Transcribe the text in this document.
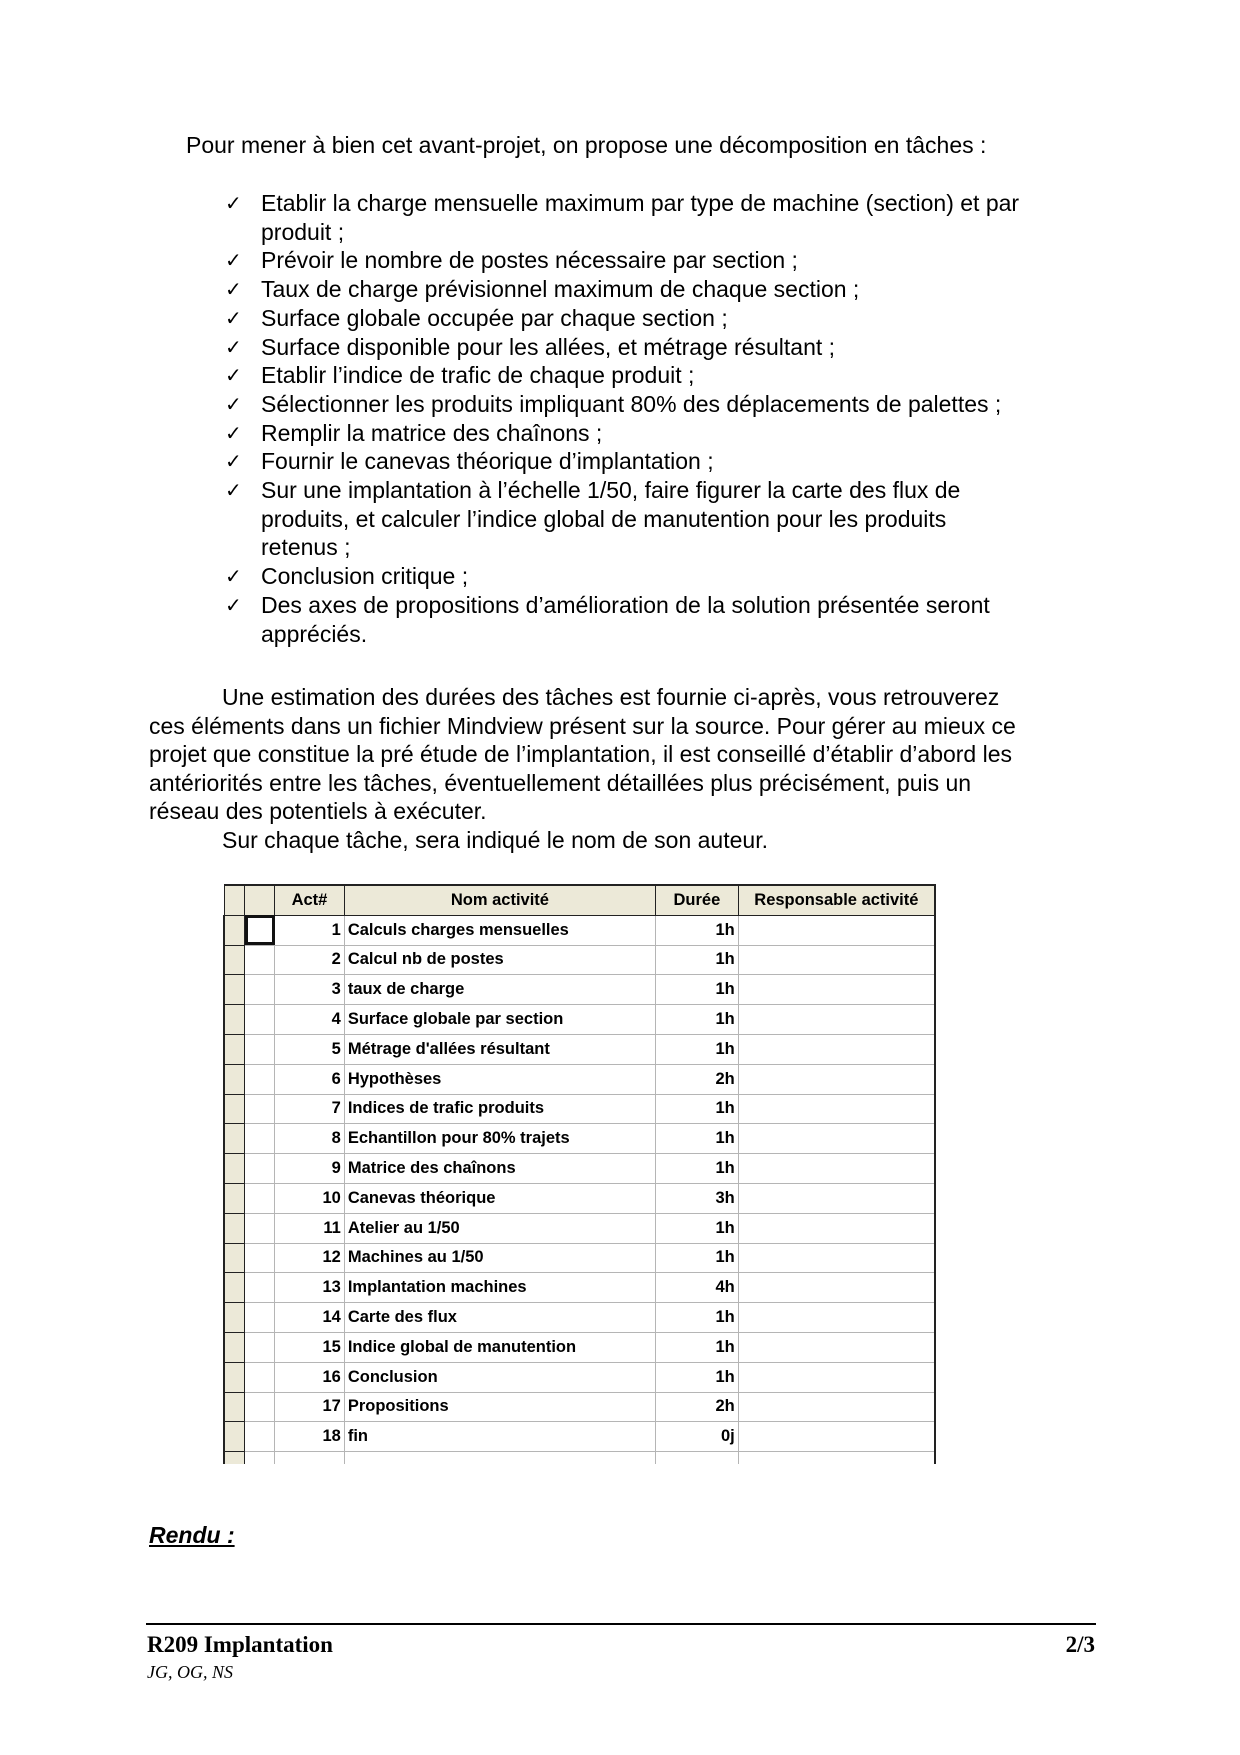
Pour mener à bien cet avant-projet, on propose une décomposition en tâches :
✓ Etablir la charge mensuelle maximum par type de machine (section) et par
produit ;
✓ Prévoir le nombre de postes nécessaire par section ;
✓ Taux de charge prévisionnel maximum de chaque section ;
✓ Surface globale occupée par chaque section ;
✓ Surface disponible pour les allées, et métrage résultant ;
✓ Etablir l’indice de trafic de chaque produit ;
✓ Sélectionner les produits impliquant 80% des déplacements de palettes ;
✓ Remplir la matrice des chaînons ;
✓ Fournir le canevas théorique d’implantation ;
✓ Sur une implantation à l’échelle 1/50, faire figurer la carte des flux de
produits, et calculer l’indice global de manutention pour les produits
retenus ;
✓ Conclusion critique ;
✓ Des axes de propositions d’amélioration de la solution présentée seront
appréciés.

Une estimation des durées des tâches est fournie ci-après, vous retrouverez
ces éléments dans un fichier Mindview présent sur la source. Pour gérer au mieux ce
projet que constitue la pré étude de l’implantation, il est conseillé d’établir d’abord les
antériorités entre les tâches, éventuellement détaillées plus précisément, puis un
réseau des potentiels à exécuter.

Sur chaque tâche, sera indiqué le nom de son auteur.

		Act#	Nom activité	Durée	Responsable activité
		1	Calculs charges mensuelles	1h	
		2	Calcul nb de postes	1h	
		3	taux de charge	1h	
		4	Surface globale par section	1h	
		5	Métrage d'allées résultant	1h	
		6	Hypothèses	2h	
		7	Indices de trafic produits	1h	
		8	Echantillon pour 80% trajets	1h	
		9	Matrice des chaînons	1h	
		10	Canevas théorique	3h	
		11	Atelier au 1/50	1h	
		12	Machines au 1/50	1h	
		13	Implantation machines	4h	
		14	Carte des flux	1h	
		15	Indice global de manutention	1h	
		16	Conclusion	1h	
		17	Propositions	2h	
		18	fin	0j	

Rendu :
R209 Implantation	2/3
JG, OG, NS
